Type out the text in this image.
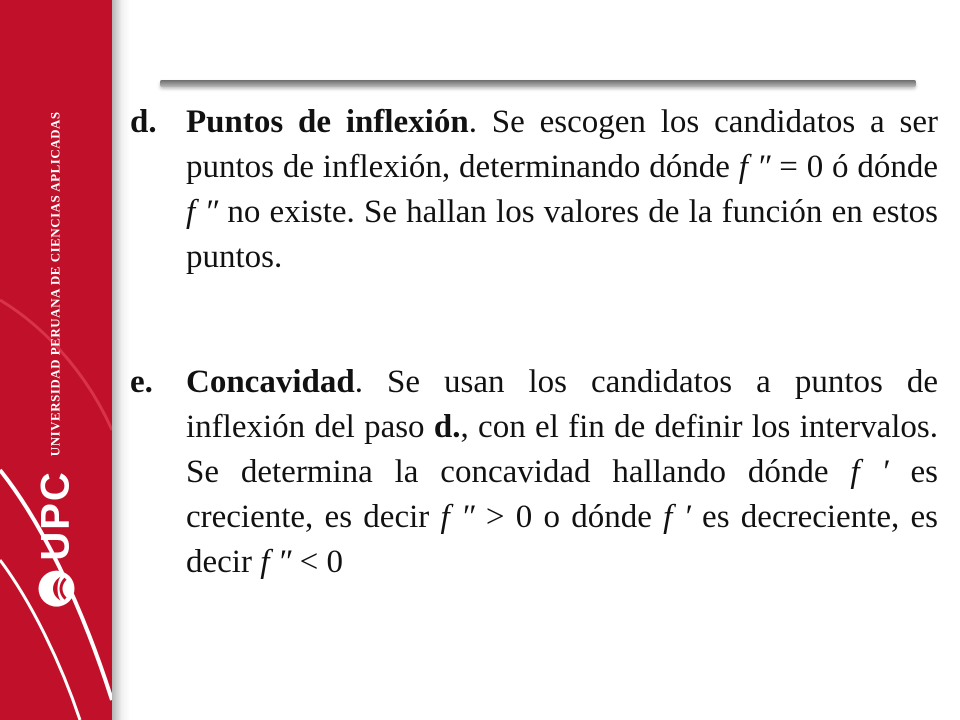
UPC
UNIVERSIDAD PERUANA DE CIENCIAS APLICADAS d. Puntos de inflexión. Se escogen los candidatos a ser puntos de inflexión, determinando dónde f ″ = 0 ó dónde f ″ no existe. Se hallan los valores de la función en estos puntos.
e. Concavidad. Se usan los candidatos a puntos de inflexión del paso d., con el fin de definir los intervalos. Se determina la concavidad hallando dónde f ′ es creciente, es decir f ″ > 0 o dónde f ′ es decreciente, es decir f ″ < 0
